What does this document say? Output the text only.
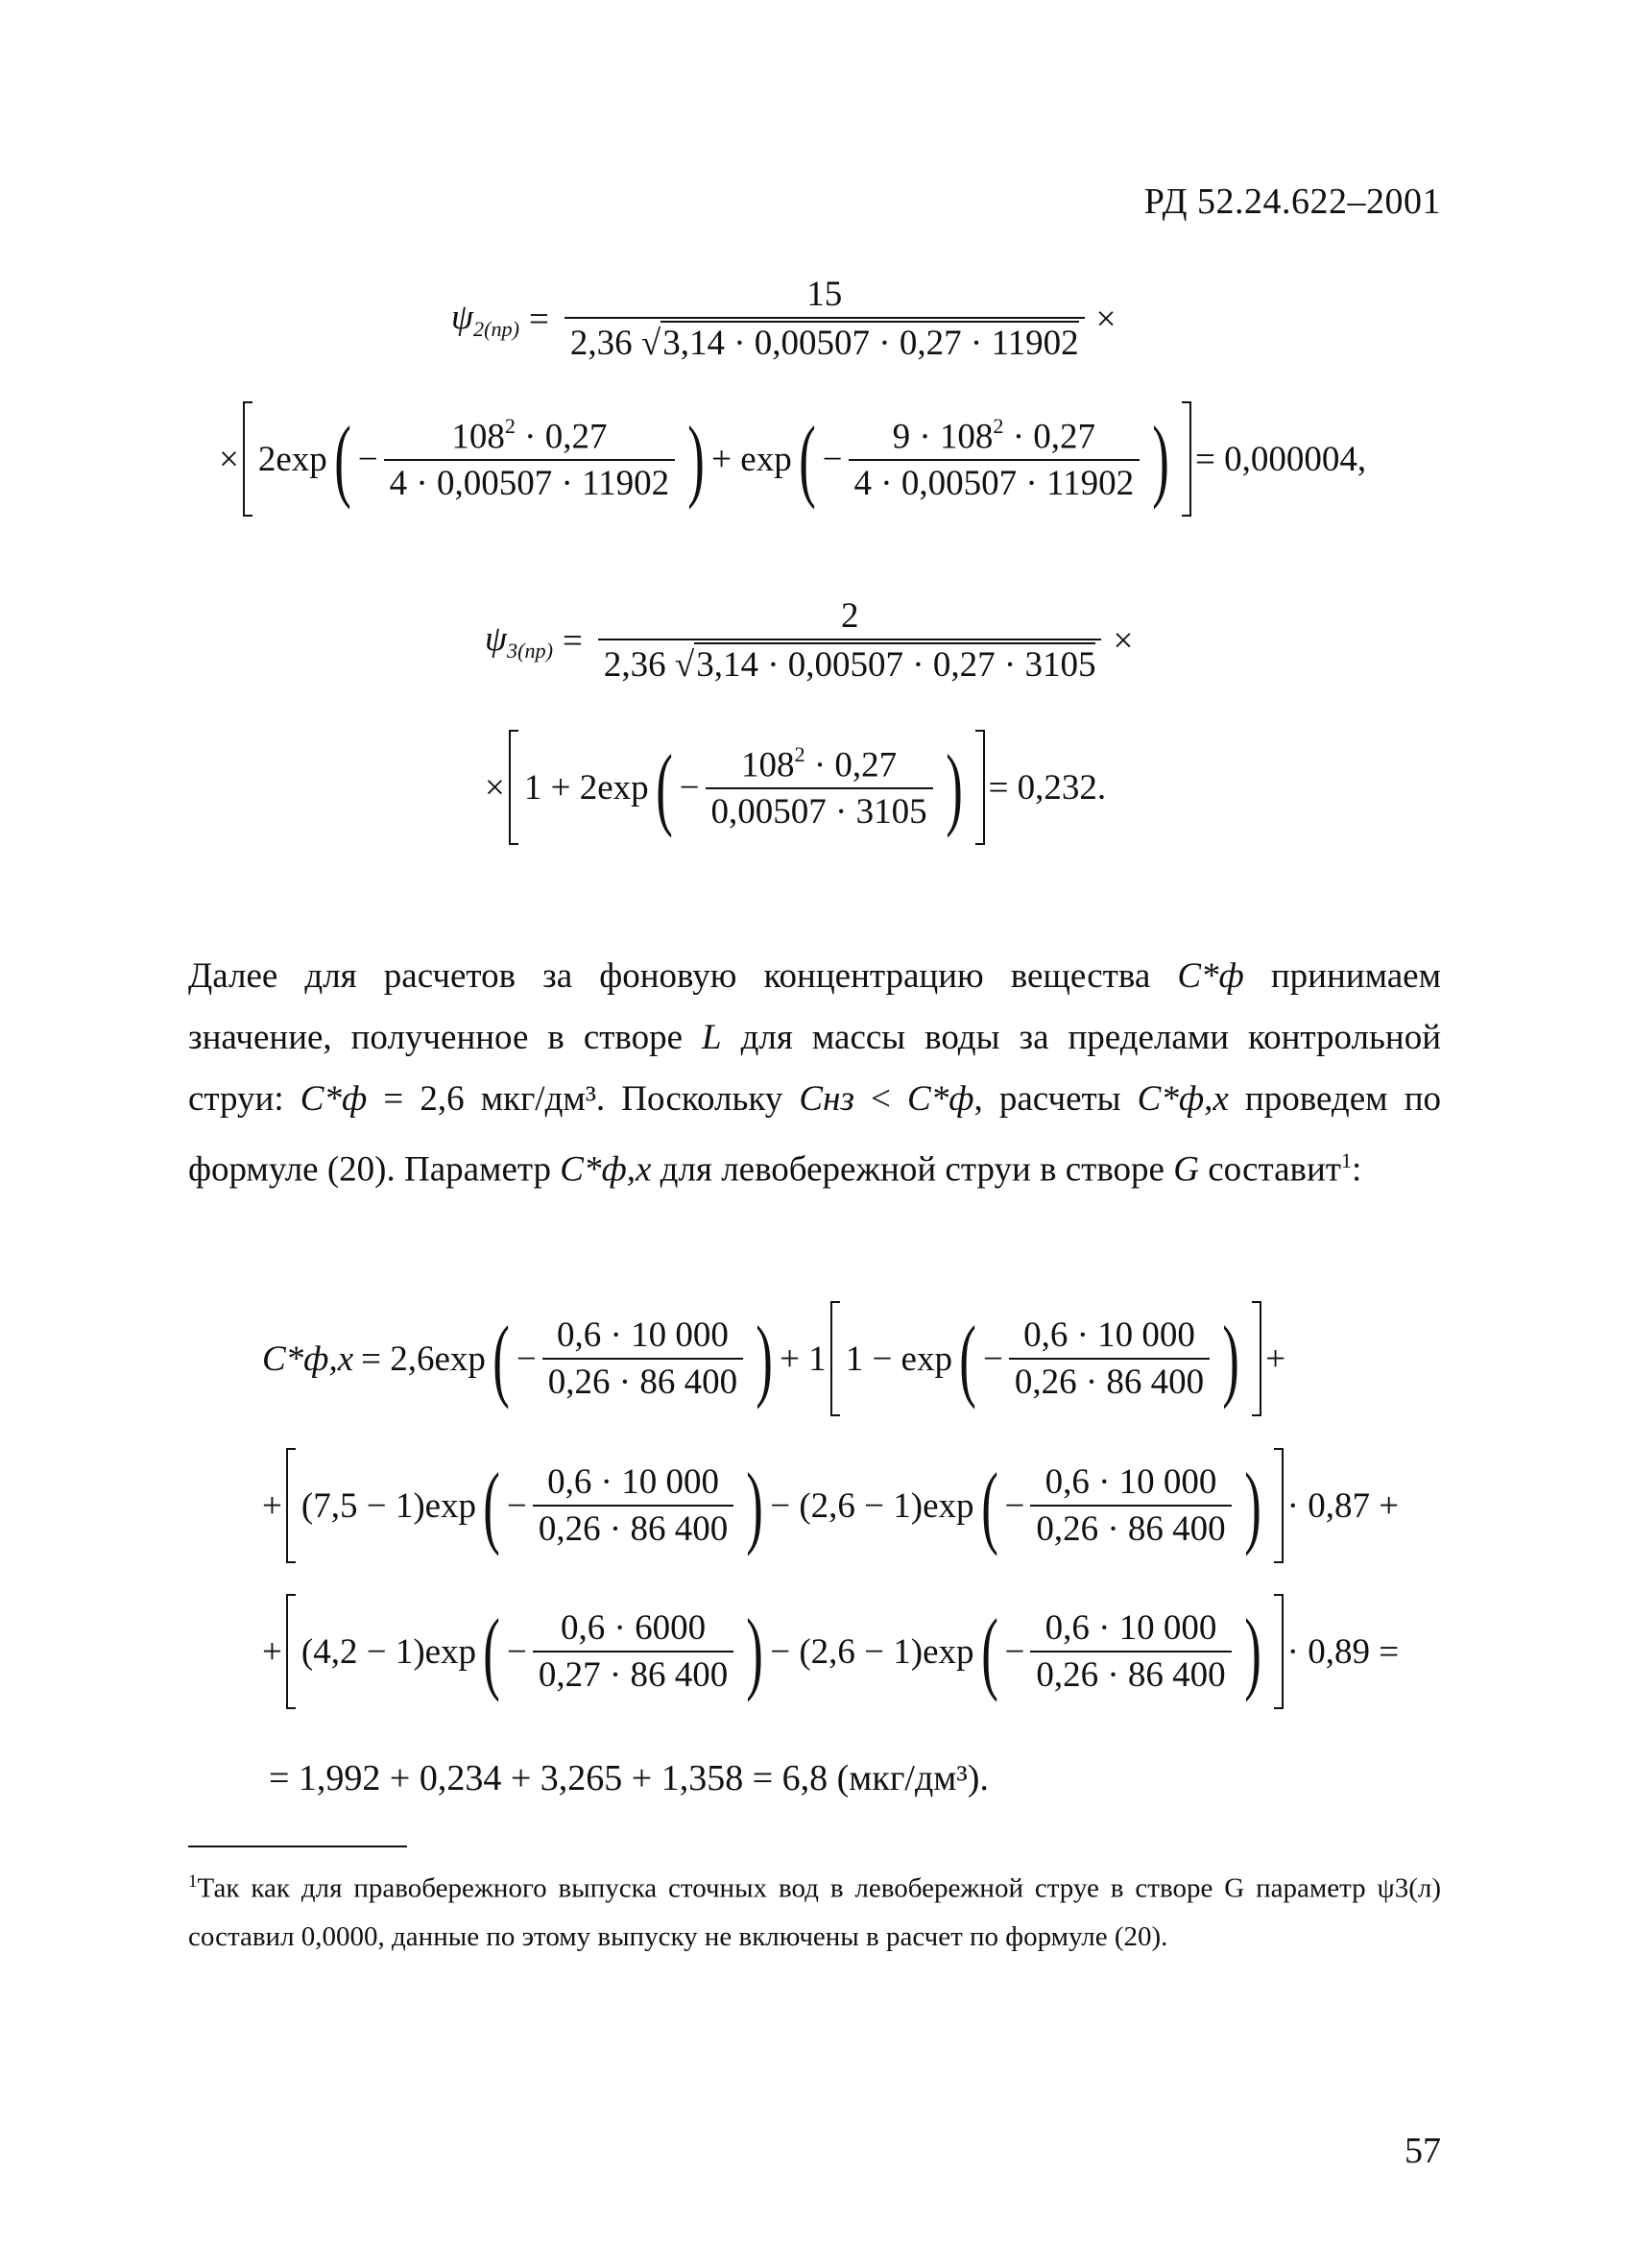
РД 52.24.622–2001
$\psi_{2(пр)} = \frac{15}{2,36 √3,14 \cdot 0,00507 \cdot 0,27 \cdot 11902}$ ×
× 2exp ( − $\frac{108^2 \cdot 0,27}{4 \cdot 0,00507 \cdot 11902}$ ) + exp ( − $\frac{9 \cdot 108^2 \cdot 0,27}{4 \cdot 0,00507 \cdot 11902}$ ) = 0,000004,
$\psi_{3(пр)} = \frac{2}{2,36 √3,14 \cdot 0,00507 \cdot 0,27 \cdot 3105}$ ×
× 1 + 2exp ( − $\frac{108^2 \cdot 0,27}{0,00507 \cdot 3105}$ ) = 0,232.
Далее для расчетов за фоновую концентрацию вещества C*ф принимаем значение, полученное в створе L для массы воды за пределами контрольной струи: C*ф = 2,6 мкг/дм³. Поскольку Cнз < C*ф, расчеты C*ф,x проведем по формуле (20). Параметр C*ф,x для левобережной струи в створе G составит$^1$:
C*ф,x = 2,6exp ( − $\frac{0,6 \cdot 10 000}{0,26 \cdot 86 400}$ ) + 1 1 − exp ( − $\frac{0,6 \cdot 10 000}{0,26 \cdot 86 400}$ ) +
+ (7,5 − 1)exp ( − $\frac{0,6 \cdot 10 000}{0,26 \cdot 86 400}$ ) − (2,6 − 1)exp ( − $\frac{0,6 \cdot 10 000}{0,26 \cdot 86 400}$ ) · 0,87 +
+ (4,2 − 1)exp ( − $\frac{0,6 \cdot 6000}{0,27 \cdot 86 400}$ ) − (2,6 − 1)exp ( − $\frac{0,6 \cdot 10 000}{0,26 \cdot 86 400}$ ) · 0,89 =
= 1,992 + 0,234 + 3,265 + 1,358 = 6,8 (мкг/дм³).
$^1$Так как для правобережного выпуска сточных вод в левобережной струе в створе G параметр ψ3(л) составил 0,0000, данные по этому выпуску не включены в расчет по формуле (20).
57
